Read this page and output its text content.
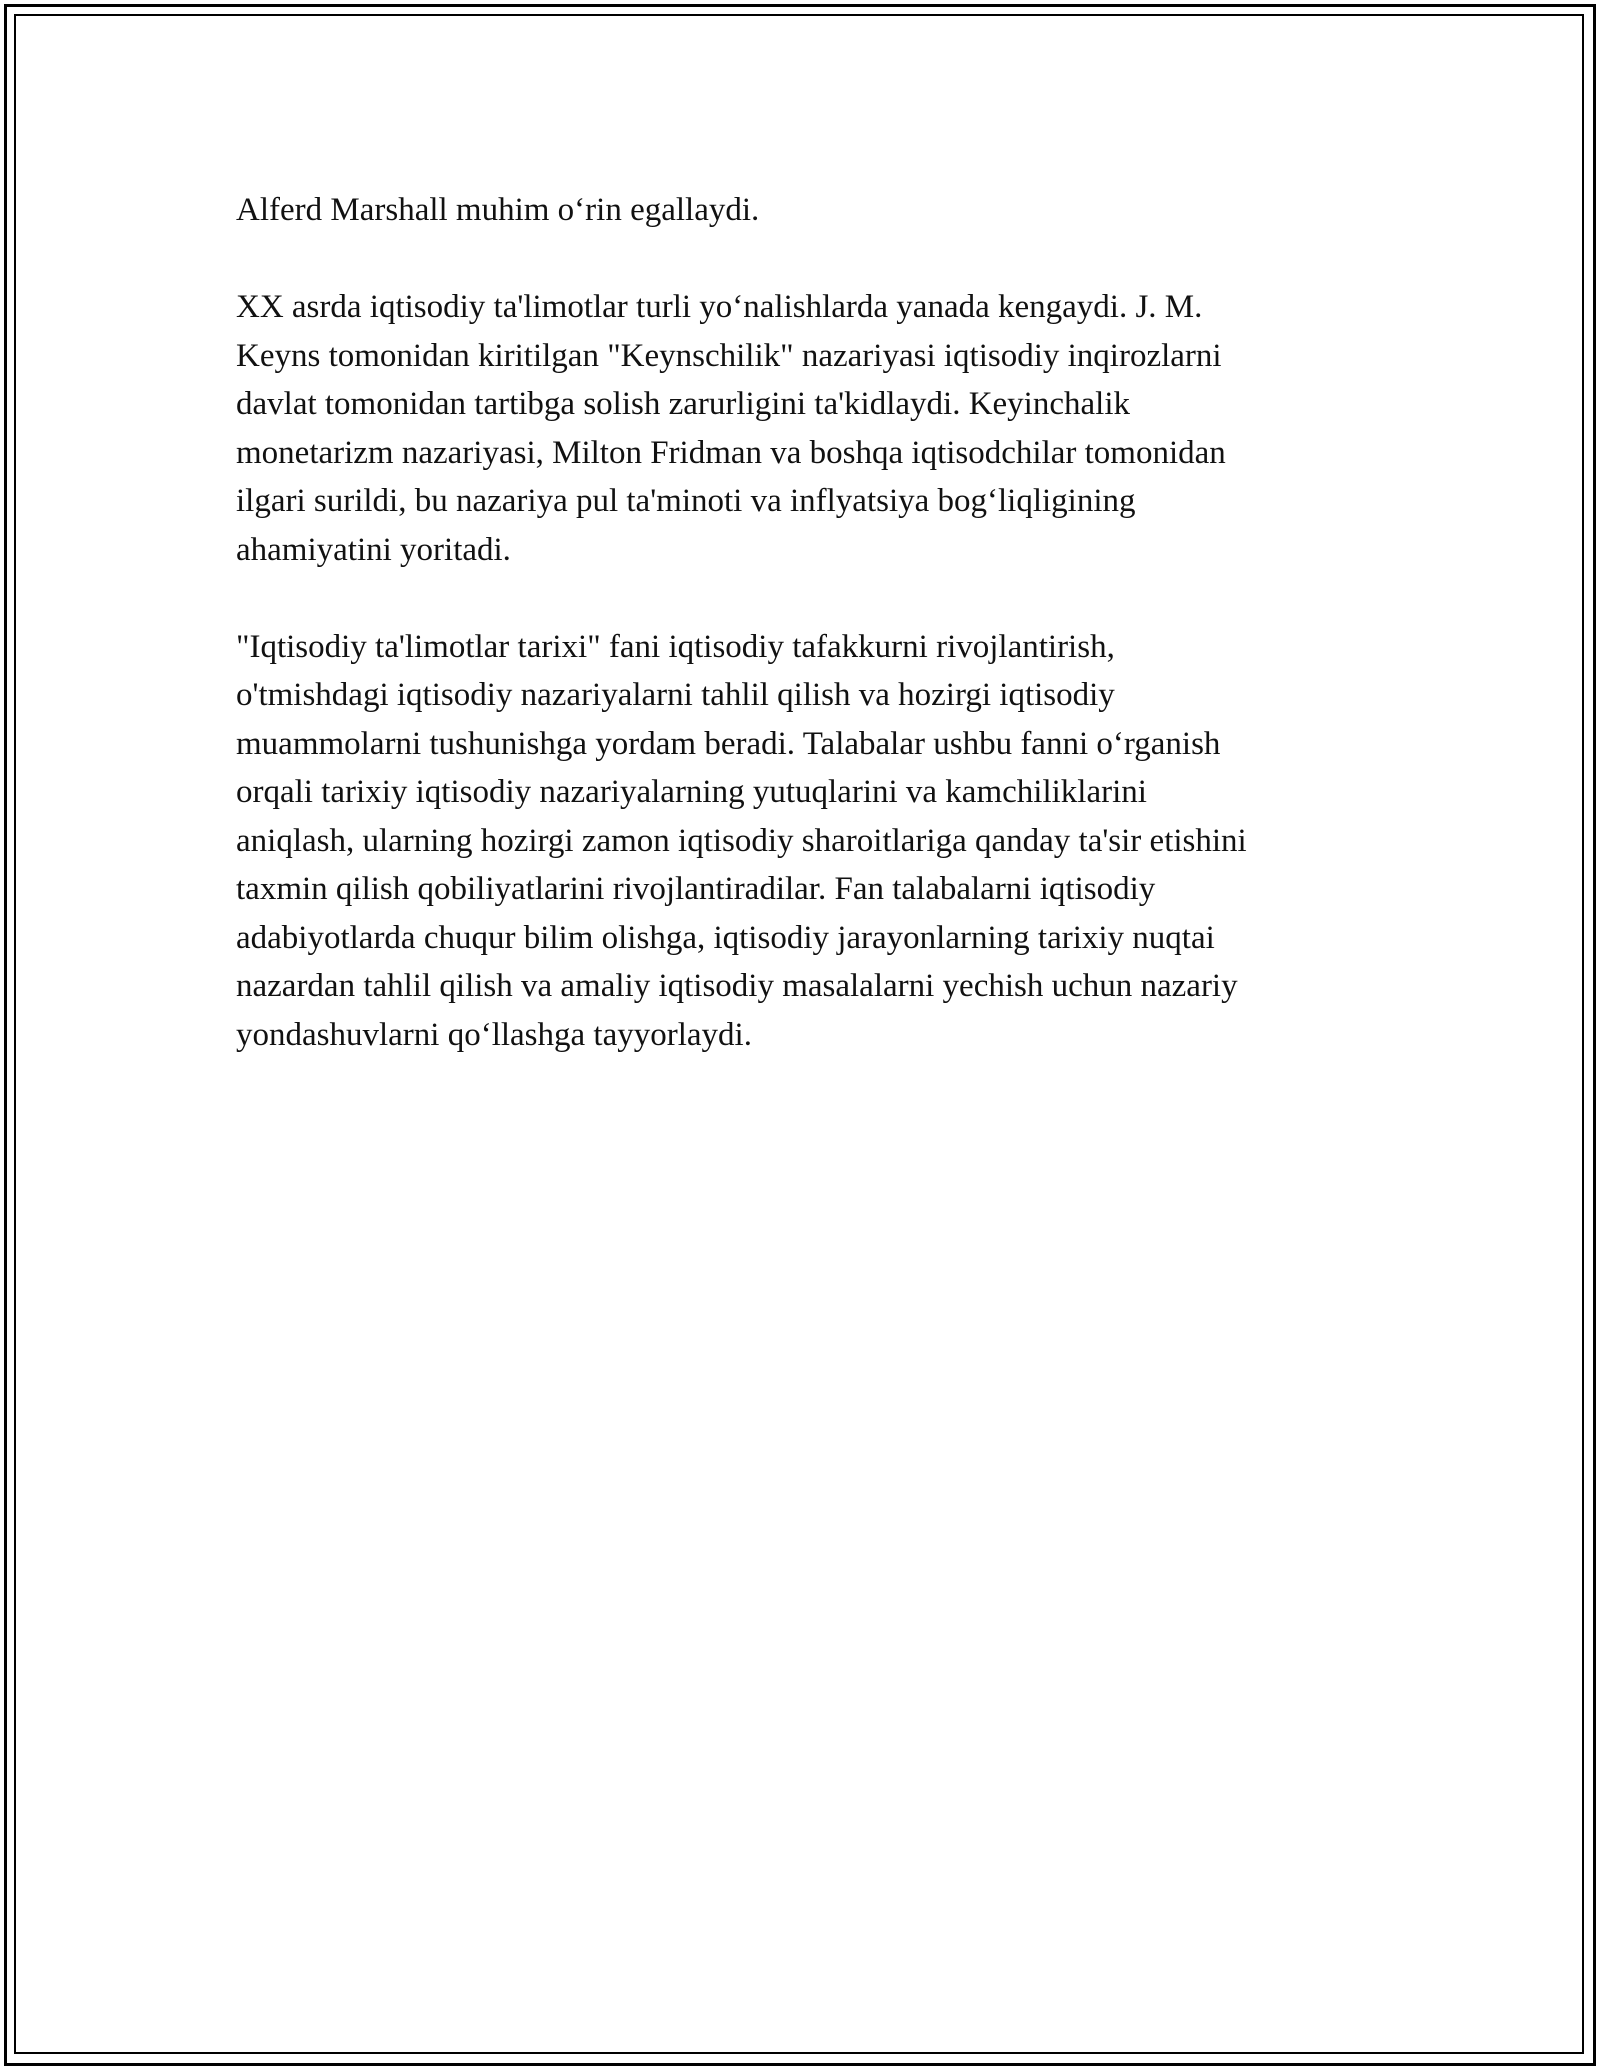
Alferd Marshall muhim o‘rin egallaydi.

XX asrda iqtisodiy ta'limotlar turli yo‘nalishlarda yanada kengaydi. J. M.
Keyns tomonidan kiritilgan "Keynschilik" nazariyasi iqtisodiy inqirozlarni
davlat tomonidan tartibga solish zarurligini ta'kidlaydi. Keyinchalik
monetarizm nazariyasi, Milton Fridman va boshqa iqtisodchilar tomonidan
ilgari surildi, bu nazariya pul ta'minoti va inflyatsiya bog‘liqligining
ahamiyatini yoritadi.

"Iqtisodiy ta'limotlar tarixi" fani iqtisodiy tafakkurni rivojlantirish,
o'tmishdagi iqtisodiy nazariyalarni tahlil qilish va hozirgi iqtisodiy
muammolarni tushunishga yordam beradi. Talabalar ushbu fanni o‘rganish
orqali tarixiy iqtisodiy nazariyalarning yutuqlarini va kamchiliklarini
aniqlash, ularning hozirgi zamon iqtisodiy sharoitlariga qanday ta'sir etishini
taxmin qilish qobiliyatlarini rivojlantiradilar. Fan talabalarni iqtisodiy
adabiyotlarda chuqur bilim olishga, iqtisodiy jarayonlarning tarixiy nuqtai
nazardan tahlil qilish va amaliy iqtisodiy masalalarni yechish uchun nazariy
yondashuvlarni qo‘llashga tayyorlaydi.
